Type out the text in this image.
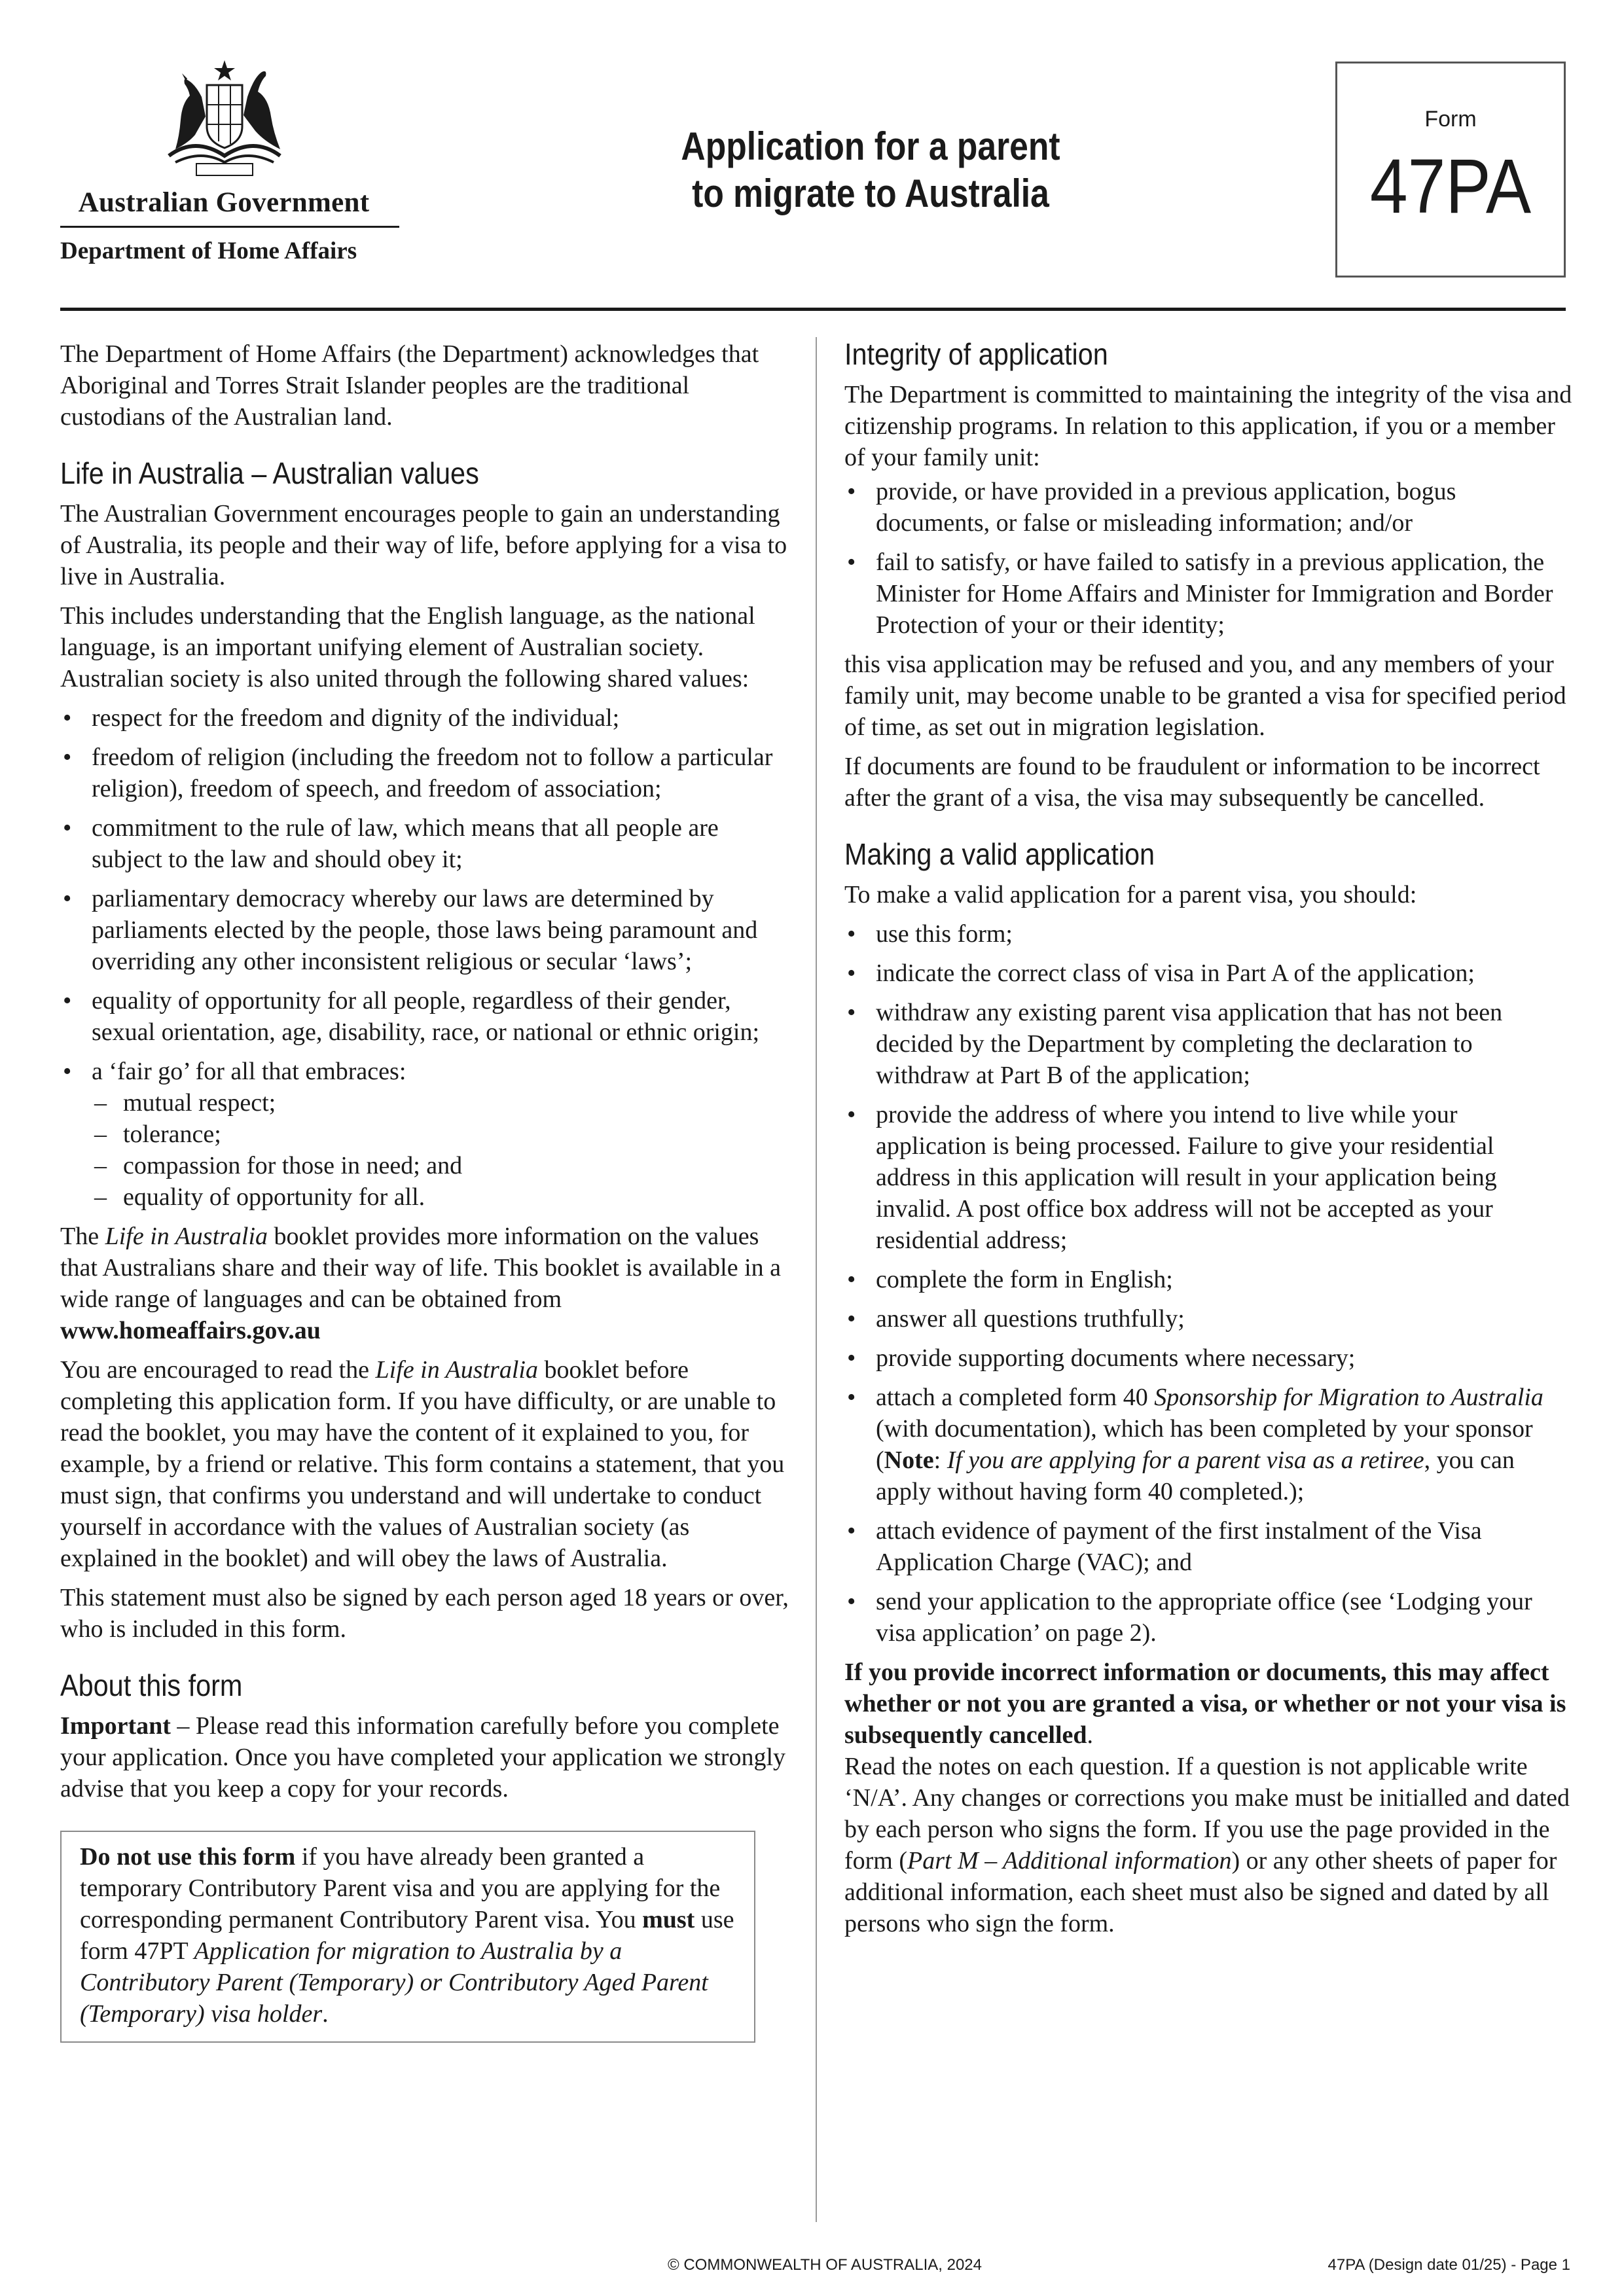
Australian Government
Department of Home Affairs
Application for a parent
to migrate to Australia
Form
47PA

The Department of Home Affairs (the Department) acknowledges that Aboriginal and Torres Strait Islander peoples are the traditional custodians of the Australian land.

Life in Australia – Australian values

The Australian Government encourages people to gain an understanding of Australia, its people and their way of life, before applying for a visa to live in Australia.

This includes understanding that the English language, as the national language, is an important unifying element of Australian society. Australian society is also united through the following shared values:

• respect for the freedom and dignity of the individual;
• freedom of religion (including the freedom not to follow a particular religion), freedom of speech, and freedom of association;
• commitment to the rule of law, which means that all people are subject to the law and should obey it;
• parliamentary democracy whereby our laws are determined by parliaments elected by the people, those laws being paramount and overriding any other inconsistent religious or secular ‘laws’;
• equality of opportunity for all people, regardless of their gender, sexual orientation, age, disability, race, or national or ethnic origin;
• a ‘fair go’ for all that embraces:
– mutual respect;
– tolerance;
– compassion for those in need; and
– equality of opportunity for all.

The Life in Australia booklet provides more information on the values that Australians share and their way of life. This booklet is available in a wide range of languages and can be obtained from www.homeaffairs.gov.au

You are encouraged to read the Life in Australia booklet before completing this application form. If you have difficulty, or are unable to read the booklet, you may have the content of it explained to you, for example, by a friend or relative. This form contains a statement, that you must sign, that confirms you understand and will undertake to conduct yourself in accordance with the values of Australian society (as explained in the booklet) and will obey the laws of Australia.

This statement must also be signed by each person aged 18 years or over, who is included in this form.

About this form

Important – Please read this information carefully before you complete your application. Once you have completed your application we strongly advise that you keep a copy for your records.

Do not use this form if you have already been granted a temporary Contributory Parent visa and you are applying for the corresponding permanent Contributory Parent visa. You must use form 47PT Application for migration to Australia by a Contributory Parent (Temporary) or Contributory Aged Parent (Temporary) visa holder.
Integrity of application

The Department is committed to maintaining the integrity of the visa and citizenship programs. In relation to this application, if you or a member of your family unit:

• provide, or have provided in a previous application, bogus documents, or false or misleading information; and/or
• fail to satisfy, or have failed to satisfy in a previous application, the Minister for Home Affairs and Minister for Immigration and Border Protection of your or their identity;

this visa application may be refused and you, and any members of your family unit, may become unable to be granted a visa for specified period of time, as set out in migration legislation.

If documents are found to be fraudulent or information to be incorrect after the grant of a visa, the visa may subsequently be cancelled.

Making a valid application

To make a valid application for a parent visa, you should:

• use this form;
• indicate the correct class of visa in Part A of the application;
• withdraw any existing parent visa application that has not been decided by the Department by completing the declaration to withdraw at Part B of the application;
• provide the address of where you intend to live while your application is being processed. Failure to give your residential address in this application will result in your application being invalid. A post office box address will not be accepted as your residential address;
• complete the form in English;
• answer all questions truthfully;
• provide supporting documents where necessary;
• attach a completed form 40 Sponsorship for Migration to Australia (with documentation), which has been completed by your sponsor (Note: If you are applying for a parent visa as a retiree, you can apply without having form 40 completed.);
• attach evidence of payment of the first instalment of the Visa Application Charge (VAC); and
• send your application to the appropriate office (see ‘Lodging your visa application’ on page 2).

If you provide incorrect information or documents, this may affect whether or not you are granted a visa, or whether or not your visa is subsequently cancelled.

Read the notes on each question. If a question is not applicable write ‘N/A’. Any changes or corrections you make must be initialled and dated by each person who signs the form. If you use the page provided in the form (Part M – Additional information) or any other sheets of paper for additional information, each sheet must also be signed and dated by all persons who sign the form.

© COMMONWEALTH OF AUSTRALIA, 2024	47PA (Design date 01/25) - Page 1
